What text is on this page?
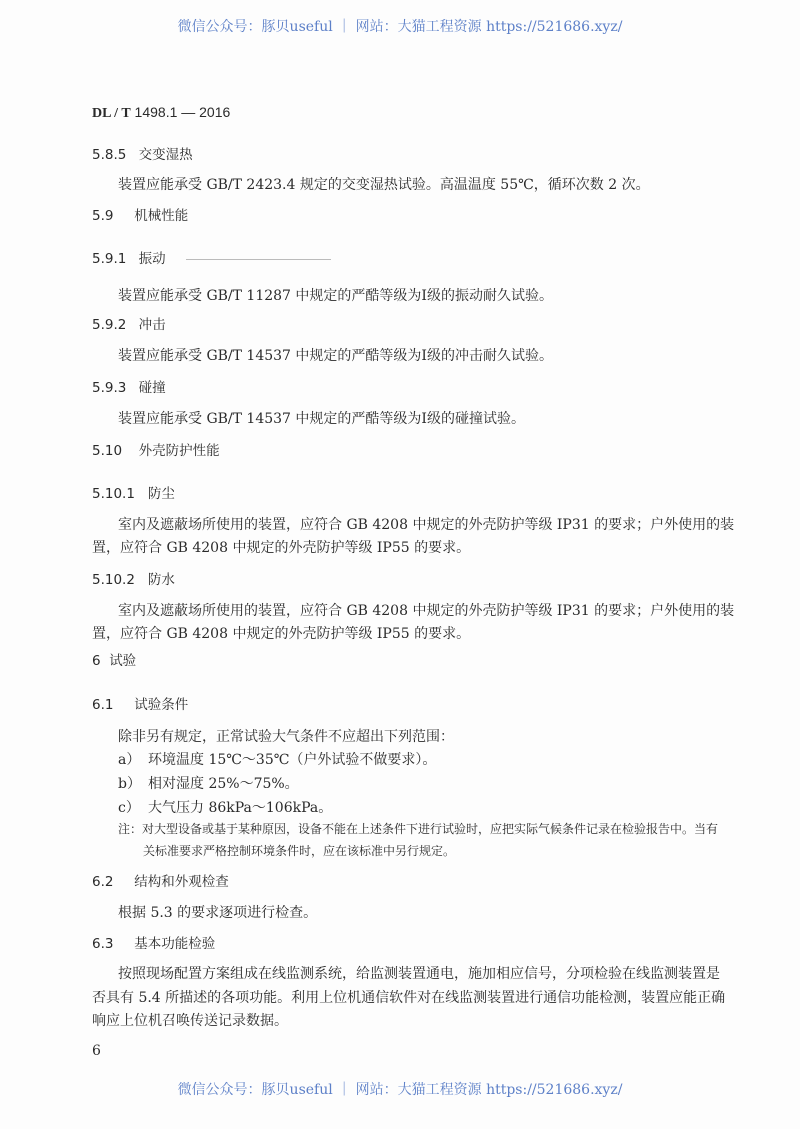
微信公众号：豚贝useful ｜ 网站：大猫工程资源 https://521686.xyz/
DL / T 1498.1 — 2016
5.8.5 交变湿热
装置应能承受 GB/T 2423.4 规定的交变湿热试验。高温温度 55℃，循环次数 2 次。
5.9 机械性能
5.9.1 振动
装置应能承受 GB/T 11287 中规定的严酷等级为Ⅰ级的振动耐久试验。
5.9.2 冲击
装置应能承受 GB/T 14537 中规定的严酷等级为Ⅰ级的冲击耐久试验。
5.9.3 碰撞
装置应能承受 GB/T 14537 中规定的严酷等级为Ⅰ级的碰撞试验。
5.10 外壳防护性能
5.10.1 防尘
室内及遮蔽场所使用的装置，应符合 GB 4208 中规定的外壳防护等级 IP31 的要求；户外使用的装
置，应符合 GB 4208 中规定的外壳防护等级 IP55 的要求。
5.10.2 防水
室内及遮蔽场所使用的装置，应符合 GB 4208 中规定的外壳防护等级 IP31 的要求；户外使用的装
置，应符合 GB 4208 中规定的外壳防护等级 IP55 的要求。
6 试验
6.1 试验条件
除非另有规定，正常试验大气条件不应超出下列范围：
a） 环境温度 15℃～35℃（户外试验不做要求）。
b） 相对湿度 25%～75%。
c） 大气压力 86kPa～106kPa。
注：对大型设备或基于某种原因，设备不能在上述条件下进行试验时，应把实际气候条件记录在检验报告中。当有
关标准要求严格控制环境条件时，应在该标准中另行规定。
6.2 结构和外观检查
根据 5.3 的要求逐项进行检查。
6.3 基本功能检验
按照现场配置方案组成在线监测系统，给监测装置通电，施加相应信号，分项检验在线监测装置是
否具有 5.4 所描述的各项功能。利用上位机通信软件对在线监测装置进行通信功能检测，装置应能正确
响应上位机召唤传送记录数据。
6
微信公众号：豚贝useful ｜ 网站：大猫工程资源 https://521686.xyz/
